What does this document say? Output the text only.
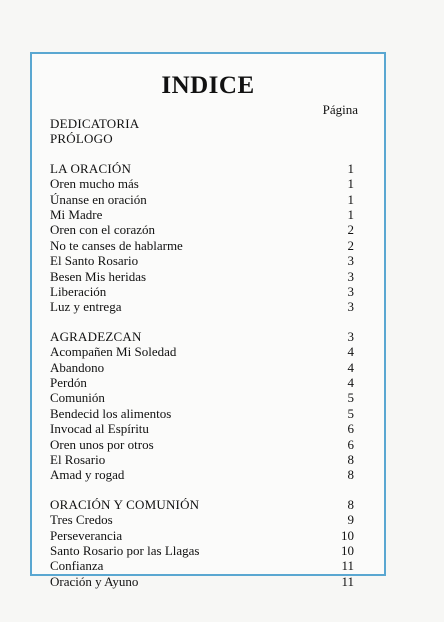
INDICE
Página
DEDICATORIA
PRÓLOGO
LA ORACIÓN	1
Oren mucho más	1
Únanse en oración	1
Mi Madre	1
Oren con el corazón	2
No te canses de hablarme	2
El Santo Rosario	3
Besen Mis heridas	3
Liberación	3
Luz y entrega	3
AGRADEZCAN	3
Acompañen Mi Soledad	4
Abandono	4
Perdón	4
Comunión	5
Bendecid los alimentos	5
Invocad al Espíritu	6
Oren unos por otros	6
El Rosario	8
Amad y rogad	8
ORACIÓN Y COMUNIÓN	8
Tres Credos	9
Perseverancia	10
Santo Rosario por las Llagas	10
Confianza	11
Oración y Ayuno	11
